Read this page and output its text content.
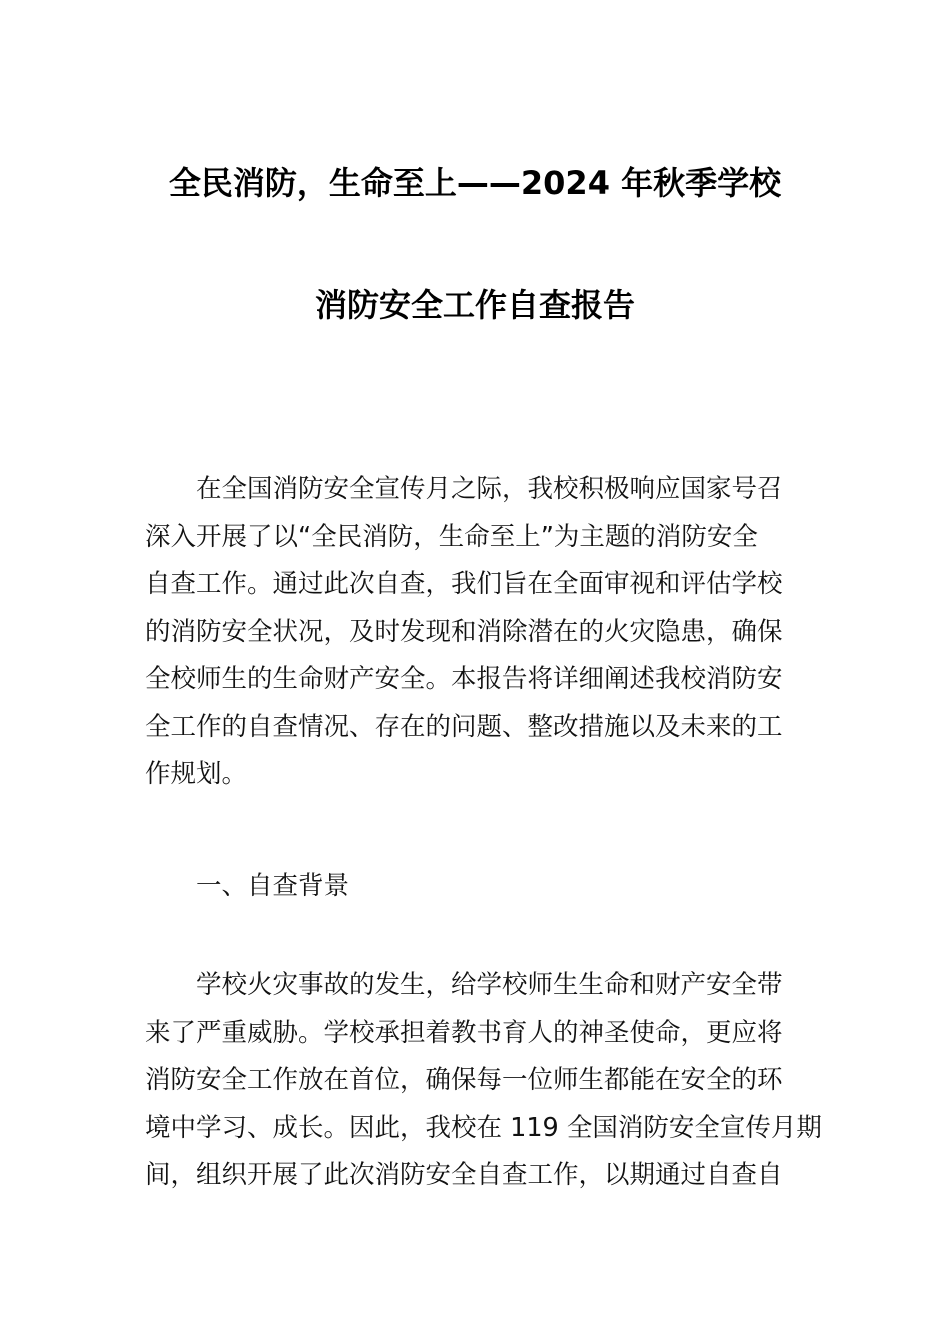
全民消防，生命至上——2024 年秋季学校
消防安全工作自查报告
在全国消防安全宣传月之际，我校积极响应国家号召
深入开展了以“全民消防，生命至上”为主题的消防安全
自查工作。通过此次自查，我们旨在全面审视和评估学校
的消防安全状况，及时发现和消除潜在的火灾隐患，确保
全校师生的生命财产安全。本报告将详细阐述我校消防安
全工作的自查情况、存在的问题、整改措施以及未来的工
作规划。
一、自查背景
学校火灾事故的发生，给学校师生生命和财产安全带
来了严重威胁。学校承担着教书育人的神圣使命，更应将
消防安全工作放在首位，确保每一位师生都能在安全的环
境中学习、成长。因此，我校在 119 全国消防安全宣传月期
间，组织开展了此次消防安全自查工作，以期通过自查自
